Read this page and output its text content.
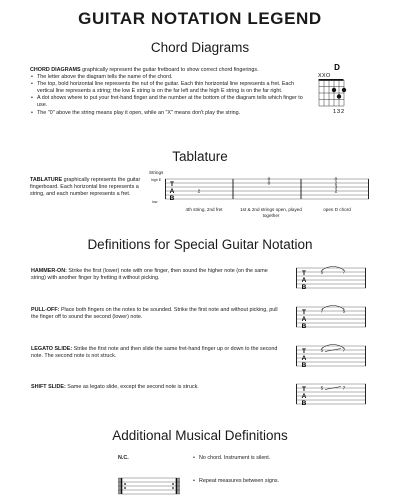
GUITAR NOTATION LEGEND
Chord Diagrams
CHORD DIAGRAMS graphically represent the guitar fretboard to show correct chord fingerings.
• The letter above the diagram tells the name of the chord.
• The top, bold horizontal line represents the nut of the guitar. Each thin horizontal line represents a fret. Each vertical line represents a string; the low E string is on the far left and the high E string is on the far right.
• A dot shows where to put your fret-hand finger and the number at the bottom of the diagram tells which finger to use.
• The "0" above the string means play it open, while an "X" means don't play the string.
D
XXO
132
Tablature
TABLATURE graphically represents the guitar fingerboard. Each horizontal line represents a string, and each number represents a fret.
Strings
high E
low
T
A
B
2
0
0
2
3
2
0
4th string, 2nd fret	1st & 2nd strings open, played together
open D chord
Definitions for Special Guitar Notation
HAMMER-ON: Strike the first (lower) note with one finger, then sound the higher note (on the same string) with another finger by fretting it without picking.
PULL-OFF: Place both fingers on the notes to be sounded. Strike the first note and without picking, pull the finger off to sound the second (lower) note.
LEGATO SLIDE: Strike the first note and then slide the same fret-hand finger up or down to the second note. The second note is not struck.
SHIFT SLIDE: Same as legato slide, except the second note is struck.
T
A
B
5	7
T
A
B
7	5
T
A
B
5	7
T
A
B
5	7
Additional Musical Definitions
N.C.	• No chord. Instrument is silent.
• Repeat measures between signs.
